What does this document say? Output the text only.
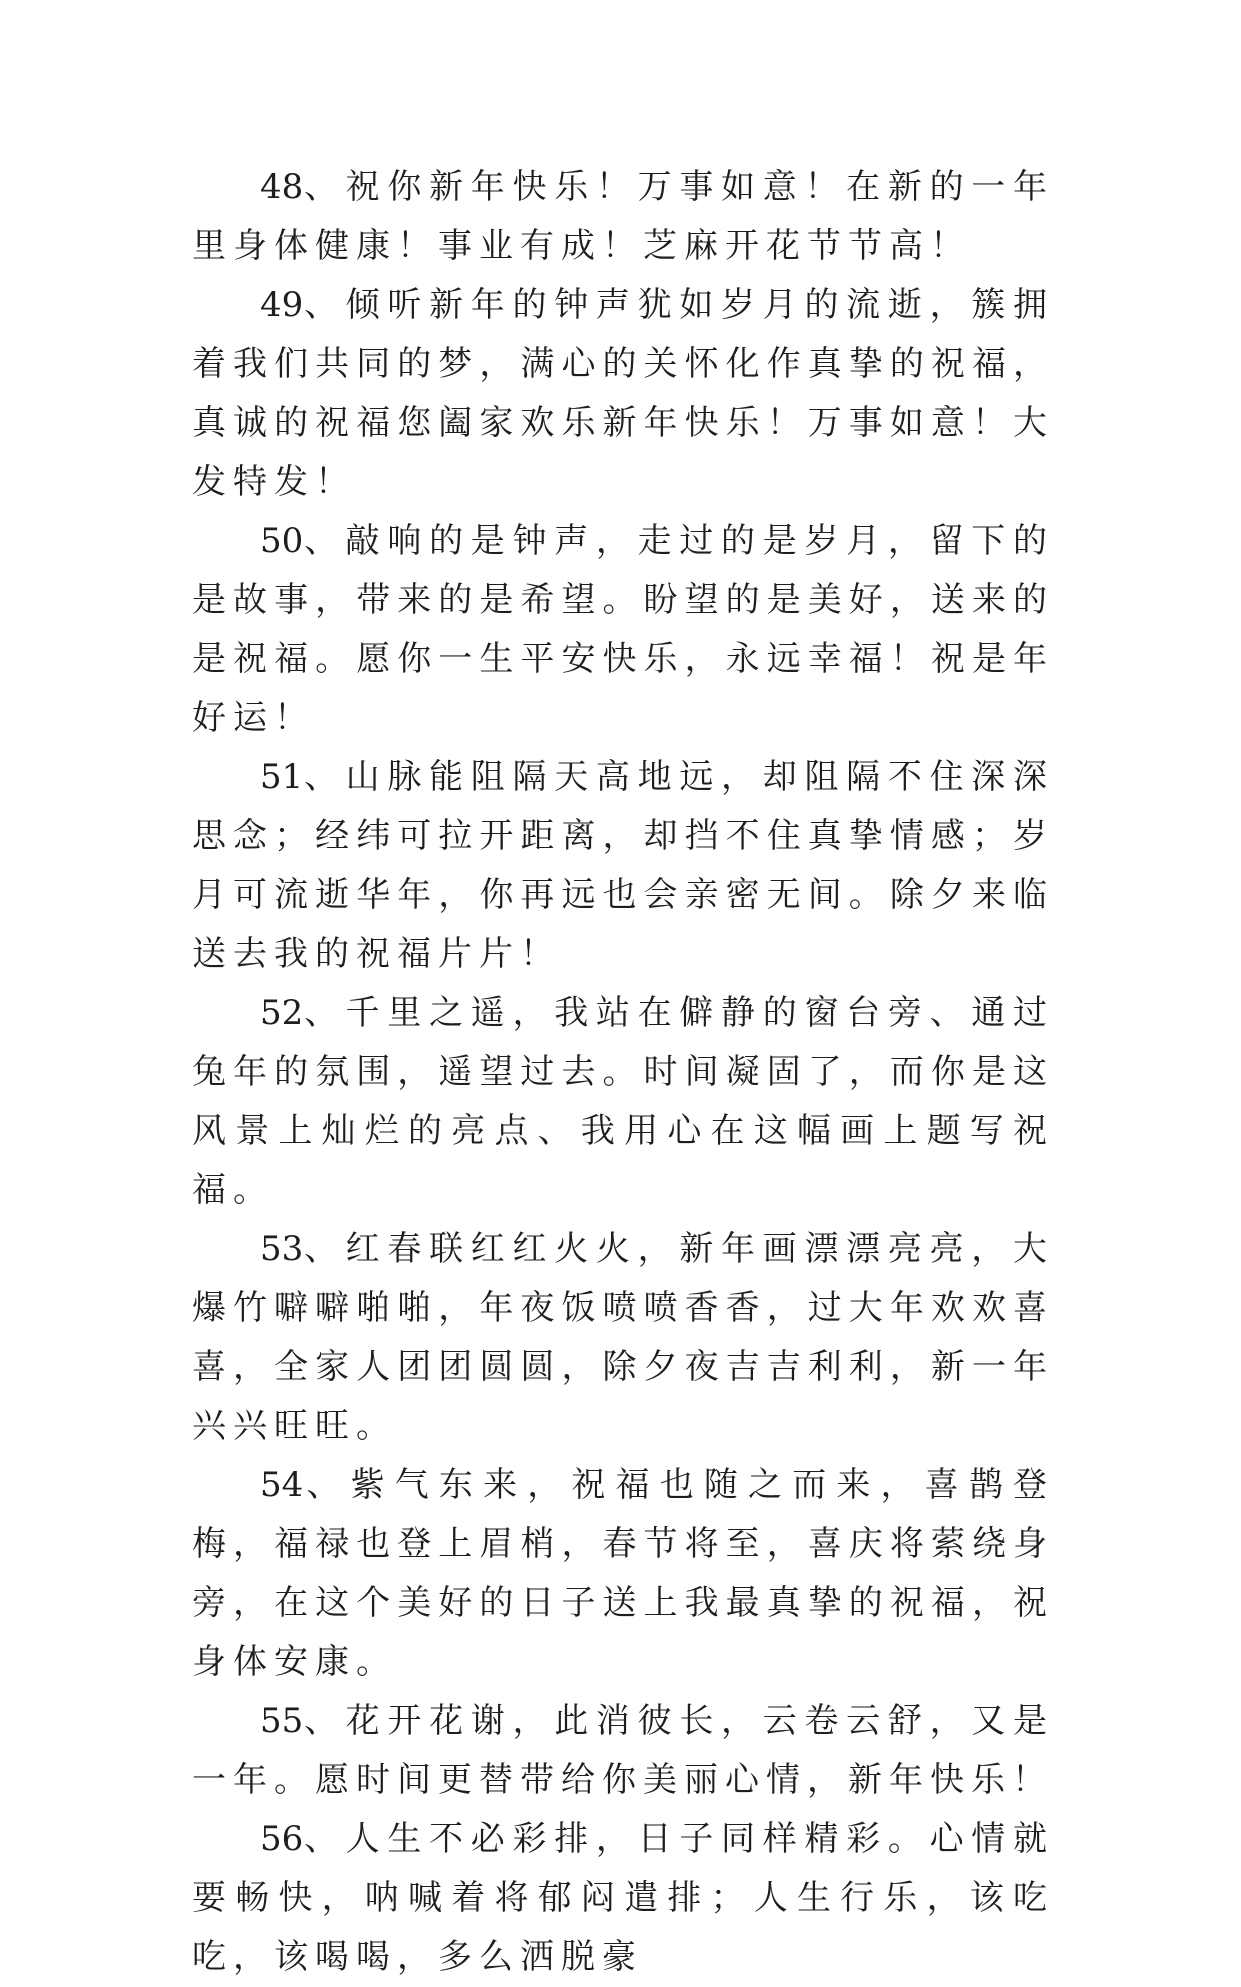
48、祝你新年快乐！万事如意！在新的一年里身体健康！事业有成！芝麻开花节节高！

49、倾听新年的钟声犹如岁月的流逝，簇拥着我们共同的梦，满心的关怀化作真挚的祝福，真诚的祝福您阖家欢乐新年快乐！万事如意！大发特发！

50、敲响的是钟声，走过的是岁月，留下的是故事，带来的是希望。盼望的是美好，送来的是祝福。愿你一生平安快乐，永远幸福！祝是年好运！

51、山脉能阻隔天高地远，却阻隔不住深深思念；经纬可拉开距离，却挡不住真挚情感；岁月可流逝华年，你再远也会亲密无间。除夕来临送去我的祝福片片！

52、千里之遥，我站在僻静的窗台旁、通过兔年的氛围，遥望过去。时间凝固了，而你是这风景上灿烂的亮点、我用心在这幅画上题写祝福。

53、红春联红红火火，新年画漂漂亮亮，大爆竹噼噼啪啪，年夜饭喷喷香香，过大年欢欢喜喜，全家人团团圆圆，除夕夜吉吉利利，新一年兴兴旺旺。

54、紫气东来，祝福也随之而来，喜鹊登梅，福禄也登上眉梢，春节将至，喜庆将萦绕身旁，在这个美好的日子送上我最真挚的祝福，祝身体安康。

55、花开花谢，此消彼长，云卷云舒，又是一年。愿时间更替带给你美丽心情，新年快乐！

56、人生不必彩排，日子同样精彩。心情就要畅快，呐喊着将郁闷遣排；人生行乐，该吃吃，该喝喝，多么洒脱豪
